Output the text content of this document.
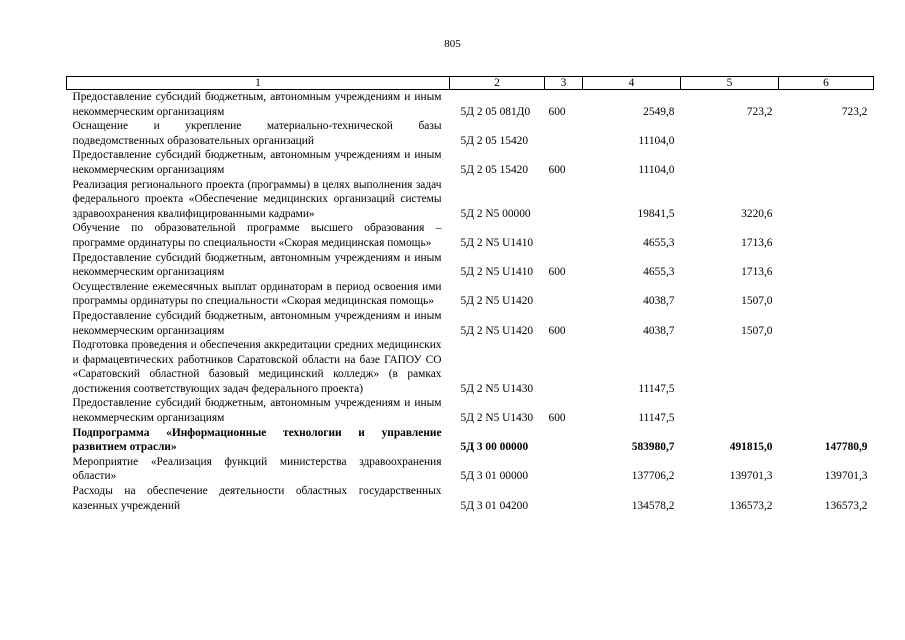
805
1	2	3	4	5	6
Предоставление субсидий бюджетным, автономным учреждениям и иным некоммерческим организациям	5Д 2 05 081Д0	600	2549,8	723,2	723,2
Оснащение и укрепление материально-технической базы подведомственных образовательных организаций	5Д 2 05 15420		11104,0		
Предоставление субсидий бюджетным, автономным учреждениям и иным некоммерческим организациям	5Д 2 05 15420	600	11104,0		
Реализация регионального проекта (программы) в целях выполнения задач федерального проекта «Обеспечение медицинских организаций системы здравоохранения квалифицированными кадрами»	5Д 2 N5 00000		19841,5	3220,6	
Обучение по образовательной программе высшего образования – программе ординатуры по специальности «Скорая медицинская помощь»	5Д 2 N5 U1410		4655,3	1713,6	
Предоставление субсидий бюджетным, автономным учреждениям и иным некоммерческим организациям	5Д 2 N5 U1410	600	4655,3	1713,6	
Осуществление ежемесячных выплат ординаторам в период освоения ими программы ординатуры по специальности «Скорая медицинская помощь»	5Д 2 N5 U1420		4038,7	1507,0	
Предоставление субсидий бюджетным, автономным учреждениям и иным некоммерческим организациям	5Д 2 N5 U1420	600	4038,7	1507,0	
Подготовка проведения и обеспечения аккредитации средних медицинских и фармацевтических работников Саратовской области на базе ГАПОУ СО «Саратовский областной базовый медицинский колледж» (в рамках достижения соответствующих задач федерального проекта)	5Д 2 N5 U1430		11147,5		
Предоставление субсидий бюджетным, автономным учреждениям и иным некоммерческим организациям	5Д 2 N5 U1430	600	11147,5		
Подпрограмма «Информационные технологии и управление развитием отрасли»	5Д 3 00 00000		583980,7	491815,0	147780,9
Мероприятие «Реализация функций министерства здравоохранения области»	5Д 3 01 00000		137706,2	139701,3	139701,3
Расходы на обеспечение деятельности областных государственных казенных учреждений	5Д 3 01 04200		134578,2	136573,2	136573,2
